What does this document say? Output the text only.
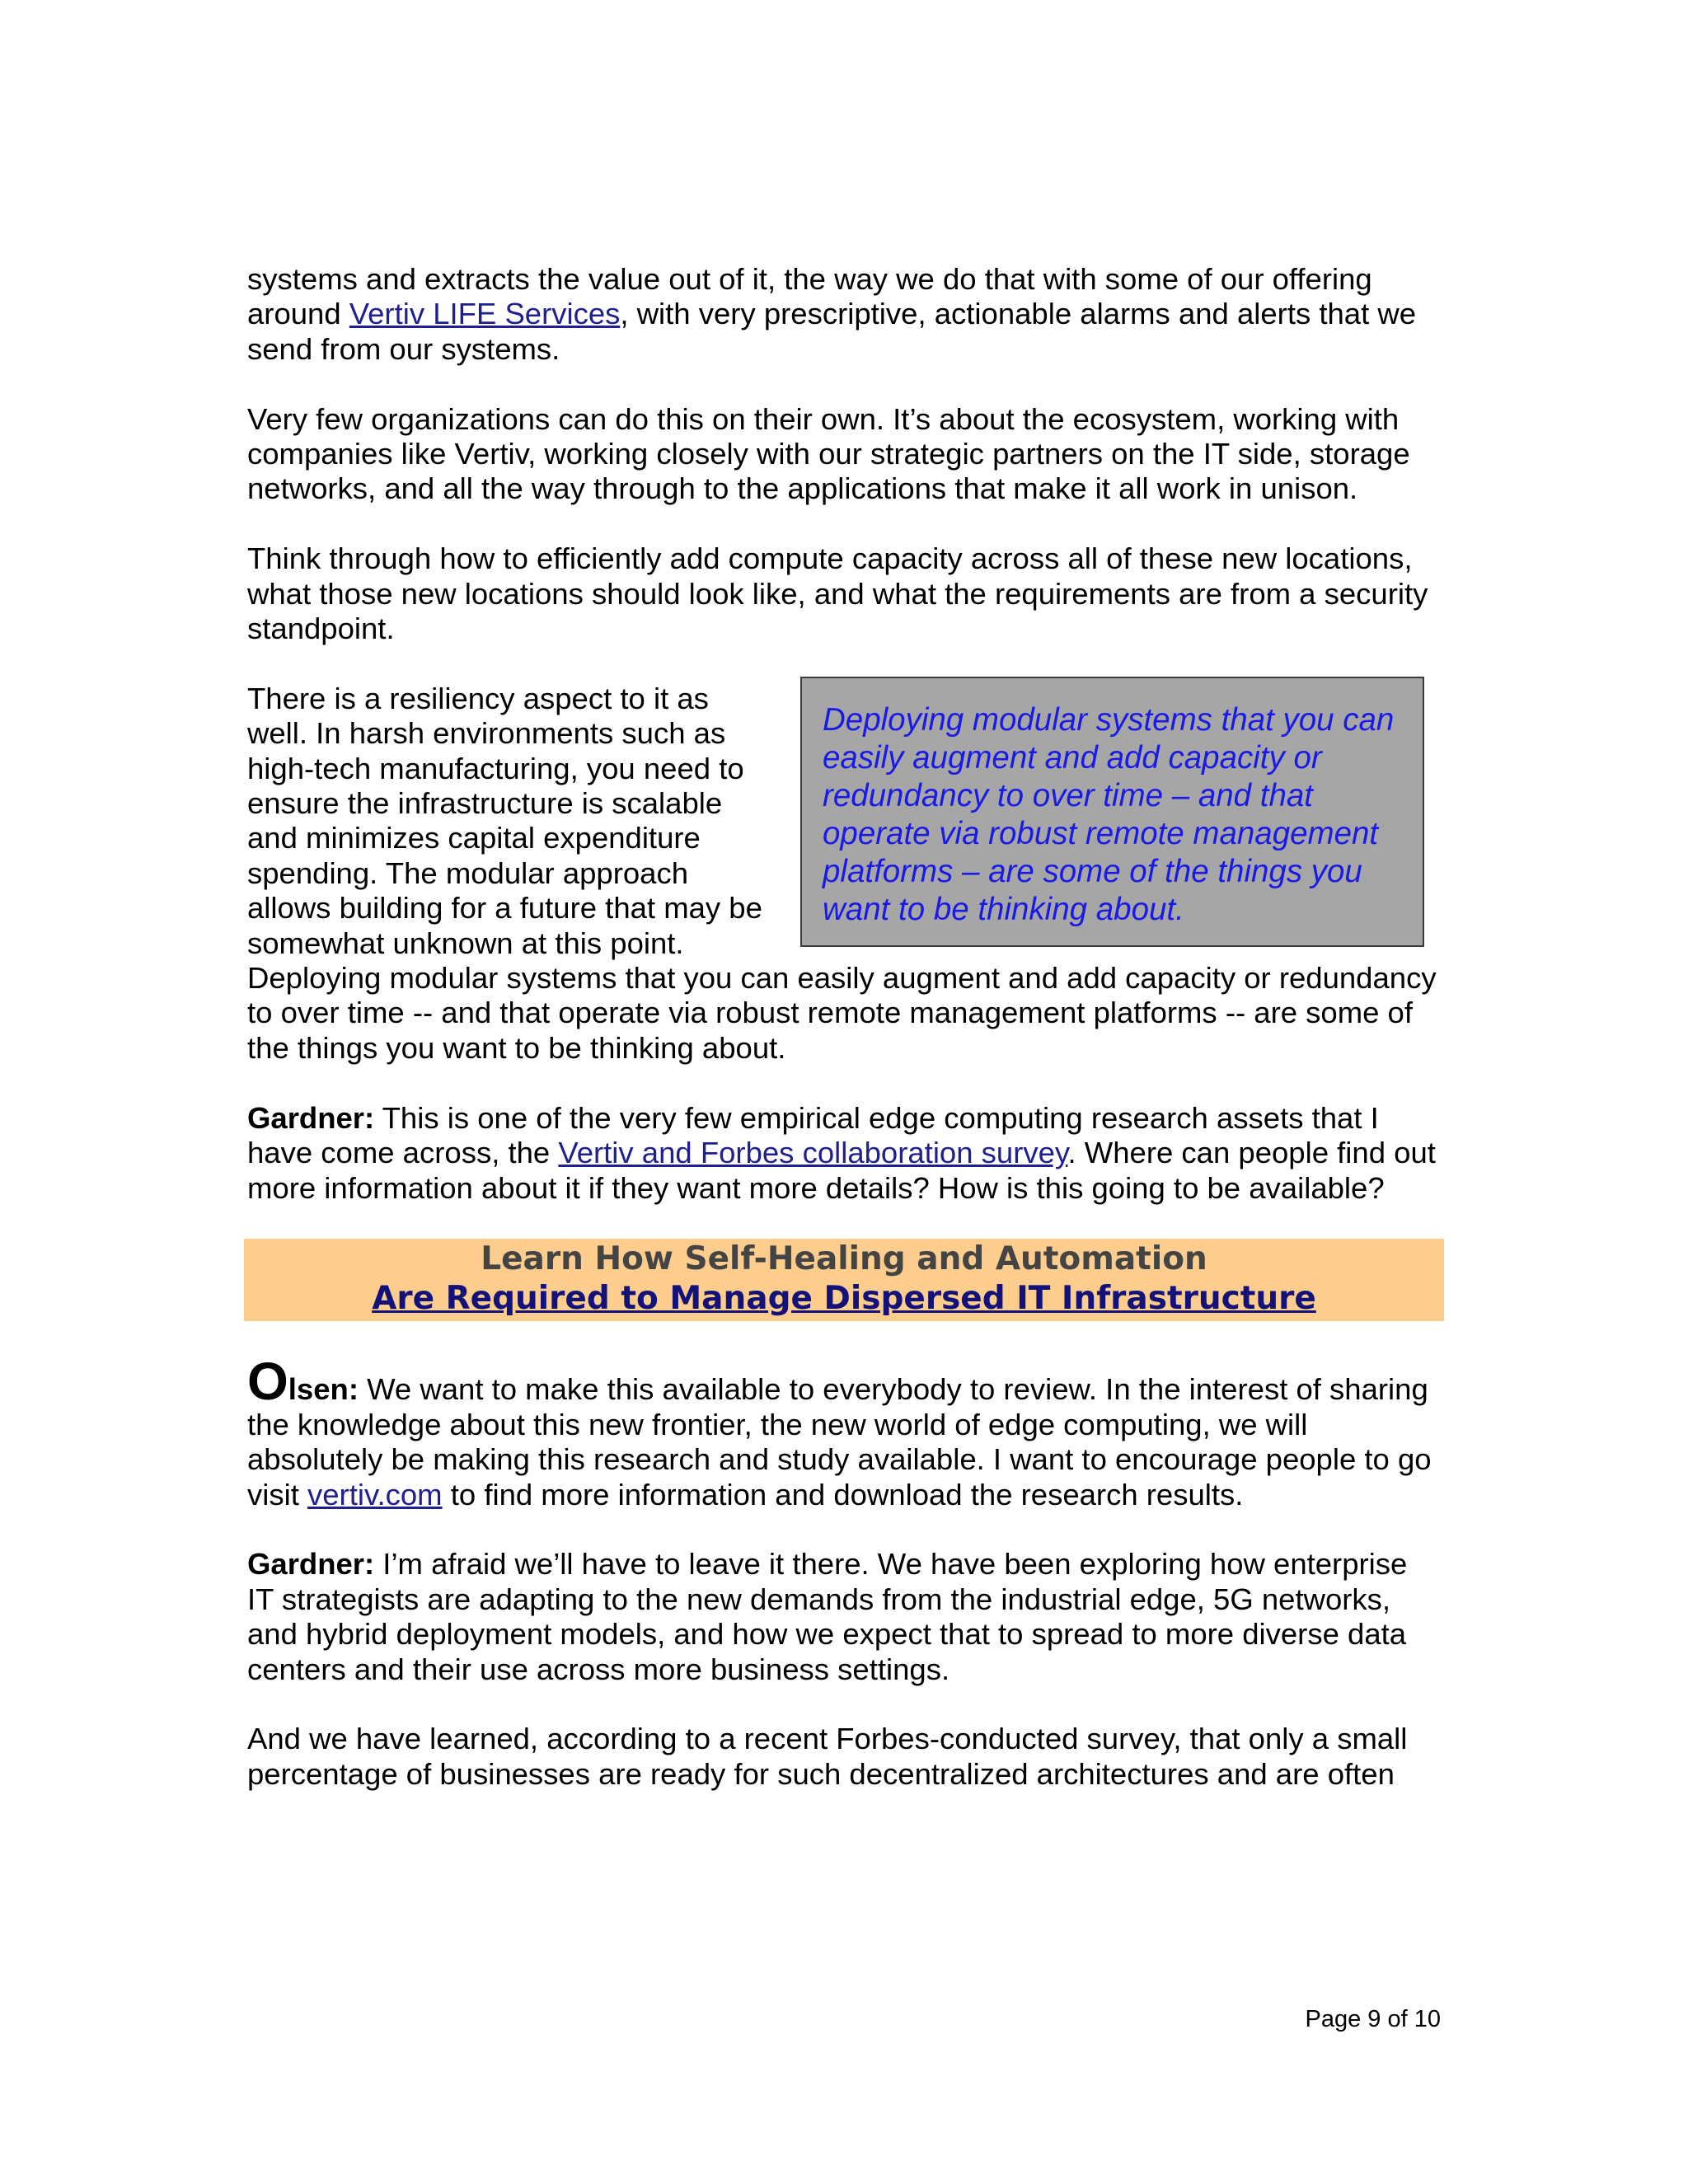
systems and extracts the value out of it, the way we do that with some of our offering around Vertiv LIFE Services, with very prescriptive, actionable alarms and alerts that we send from our systems.

Very few organizations can do this on their own. It’s about the ecosystem, working with companies like Vertiv, working closely with our strategic partners on the IT side, storage networks, and all the way through to the applications that make it all work in unison.

Think through how to efficiently add compute capacity across all of these new locations, what those new locations should look like, and what the requirements are from a security standpoint.

Deploying modular systems that you can easily augment and add capacity or redundancy to over time – and that operate via robust remote management platforms – are some of the things you want to be thinking about.

There is a resiliency aspect to it as well. In harsh environments such as high-tech manufacturing, you need to ensure the infrastructure is scalable and minimizes capital expenditure spending. The modular approach allows building for a future that may be somewhat unknown at this point. Deploying modular systems that you can easily augment and add capacity or redundancy to over time -- and that operate via robust remote management platforms -- are some of the things you want to be thinking about.

Gardner: This is one of the very few empirical edge computing research assets that I have come across, the Vertiv and Forbes collaboration survey. Where can people find out more information about it if they want more details? How is this going to be available?

Learn How Self-Healing and Automation
Are Required to Manage Dispersed IT Infrastructure

Olsen: We want to make this available to everybody to review. In the interest of sharing the knowledge about this new frontier, the new world of edge computing, we will absolutely be making this research and study available. I want to encourage people to go visit vertiv.com to find more information and download the research results.

Gardner: I’m afraid we’ll have to leave it there. We have been exploring how enterprise IT strategists are adapting to the new demands from the industrial edge, 5G networks, and hybrid deployment models, and how we expect that to spread to more diverse data centers and their use across more business settings.

And we have learned, according to a recent Forbes-conducted survey, that only a small percentage of businesses are ready for such decentralized architectures and are often

Page 9 of 10
